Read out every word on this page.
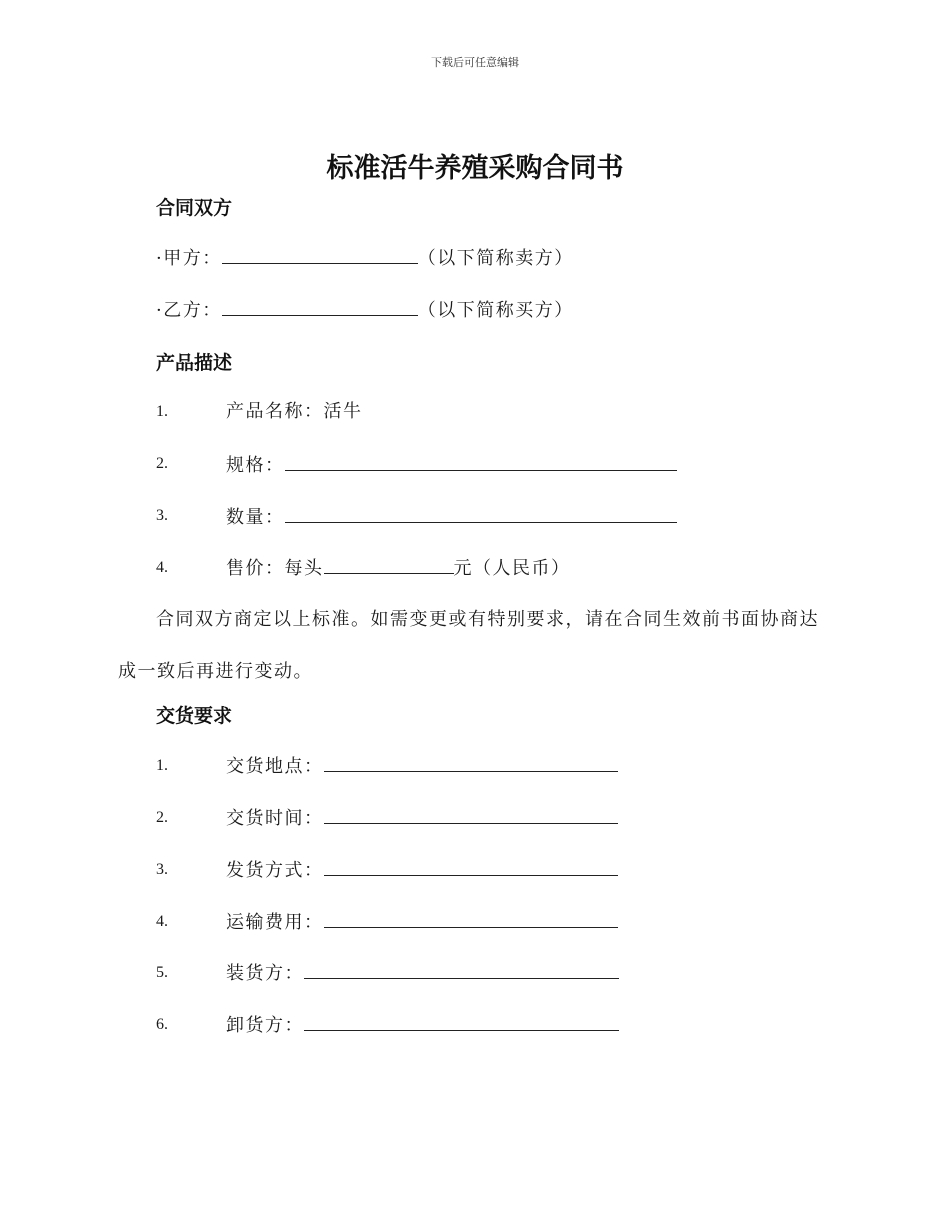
下载后可任意编辑
标准活牛养殖采购合同书
合同双方
·甲方：	（以下简称卖方）
·乙方：	（以下简称买方）
产品描述
1.	产品名称：活牛
2.	规格：
3.	数量：
4.	售价：每头	元（人民币）
合同双方商定以上标准。如需变更或有特别要求，请在合同生效前书面协商达成一致后再进行变动。
交货要求
1.	交货地点：
2.	交货时间：
3.	发货方式：
4.	运输费用：
5.	装货方：
6.	卸货方：
